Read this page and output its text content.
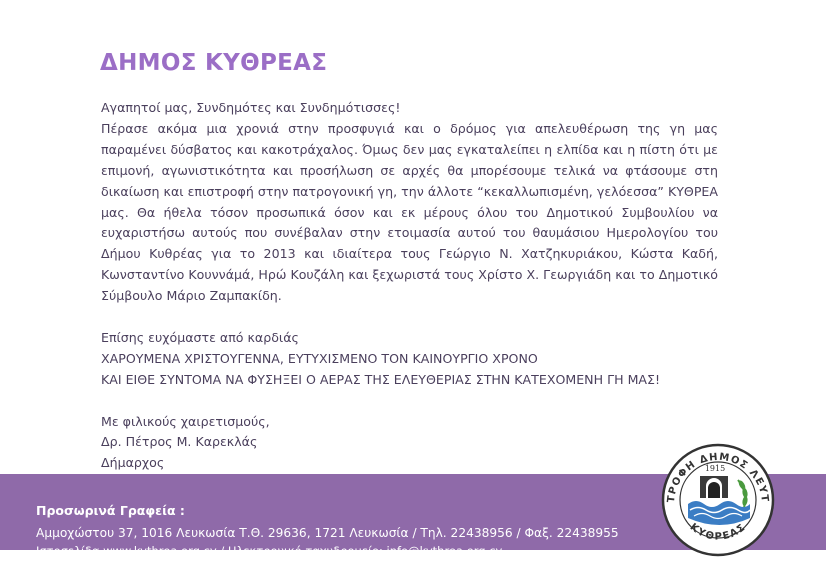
ΔΗΜΟΣ ΚΥΘΡΕΑΣ

Αγαπητοί μας, Συνδημότες και Συνδημότισσες!

Πέρασε ακόμα μια χρονιά στην προσφυγιά και ο δρόμος για απελευθέρωση της γη μας παραμένει δύσβατος και κακοτράχαλος. Όμως δεν μας εγκαταλείπει η ελπίδα και η πίστη ότι με επιμονή, αγωνιστικότητα και προσήλωση σε αρχές θα μπορέσουμε τελικά να φτάσουμε στη δικαίωση και επιστροφή στην πατρογονική γη, την άλλοτε “κεκαλλωπισμένη, γελόεσσα” ΚΥΘΡΕΑ μας. Θα ήθελα τόσον προσωπικά όσον και εκ μέρους όλου του Δημοτικού Συμβουλίου να ευχαριστήσω αυτούς που συνέβαλαν στην ετοιμασία αυτού του θαυμάσιου Ημερολογίου του Δήμου Κυθρέας για το 2013 και ιδιαίτερα τους Γεώργιο Ν. Χατζηκυριάκου, Κώστα Καδή, Κωνσταντίνο Κουννάμά, Ηρώ Κουζάλη και ξεχωριστά τους Χρίστο Χ. Γεωργιάδη και το Δημοτικό Σύμβουλο Μάριο Ζαμπακίδη.

Επίσης ευχόμαστε από καρδιάς

ΧΑΡΟΥΜΕΝΑ ΧΡΙΣΤΟΥΓΕΝΝΑ, ΕΥΤΥΧΙΣΜΕΝΟ ΤΟΝ ΚΑΙΝΟΥΡΓΙΟ ΧΡΟΝΟ

ΚΑΙ ΕΙΘΕ ΣΥΝΤΟΜΑ ΝΑ ΦΥΣΗΞΕΙ Ο ΑΕΡΑΣ ΤΗΣ ΕΛΕΥΘΕΡΙΑΣ ΣΤΗΝ ΚΑΤΕΧΟΜΕΝΗ ΓΗ ΜΑΣ!

Με φιλικούς χαιρετισμούς,

Δρ. Πέτρος Μ. Καρεκλάς

Δήμαρχος

Προσωρινά Γραφεία :
Αμμοχώστου 37, 1016 Λευκωσία Τ.Θ. 29636, 1721 Λευκωσία / Τηλ. 22438956 / Φαξ. 22438955
Ιστοσελίδα www.kythrea.org.cy / Ηλεκτρονικό ταχυδρομείο: info@kythrea.org.cy
ΤΡΟΦΗ ΔΗΜΟΣ ΛΕΥΤ
ΚΥΘΡΕΑΣ
1915
